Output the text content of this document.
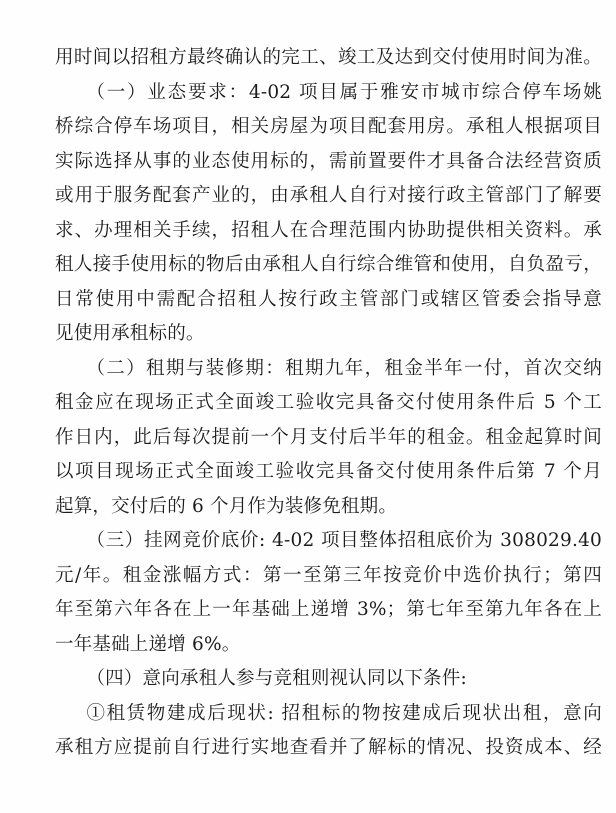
用时间以招租方最终确认的完工、竣工及达到交付使用时间为准。
（一）业态要求：4-02 项目属于雅安市城市综合停车场姚
桥综合停车场项目，相关房屋为项目配套用房。承租人根据项目
实际选择从事的业态使用标的，需前置要件才具备合法经营资质
或用于服务配套产业的，由承租人自行对接行政主管部门了解要
求、办理相关手续，招租人在合理范围内协助提供相关资料。承
租人接手使用标的物后由承租人自行综合维管和使用，自负盈亏，
日常使用中需配合招租人按行政主管部门或辖区管委会指导意
见使用承租标的。
（二）租期与装修期：租期九年，租金半年一付，首次交纳
租金应在现场正式全面竣工验收完具备交付使用条件后 5 个工
作日内，此后每次提前一个月支付后半年的租金。租金起算时间
以项目现场正式全面竣工验收完具备交付使用条件后第 7 个月
起算，交付后的 6 个月作为装修免租期。
（三）挂网竞价底价: 4-02 项目整体招租底价为 308029.40
元/年。租金涨幅方式：第一至第三年按竞价中选价执行；第四
年至第六年各在上一年基础上递增 3%；第七年至第九年各在上
一年基础上递增 6%。
（四）意向承租人参与竞租则视认同以下条件:
①租赁物建成后现状: 招租标的物按建成后现状出租，意向
承租方应提前自行进行实地查看并了解标的情况、投资成本、经
